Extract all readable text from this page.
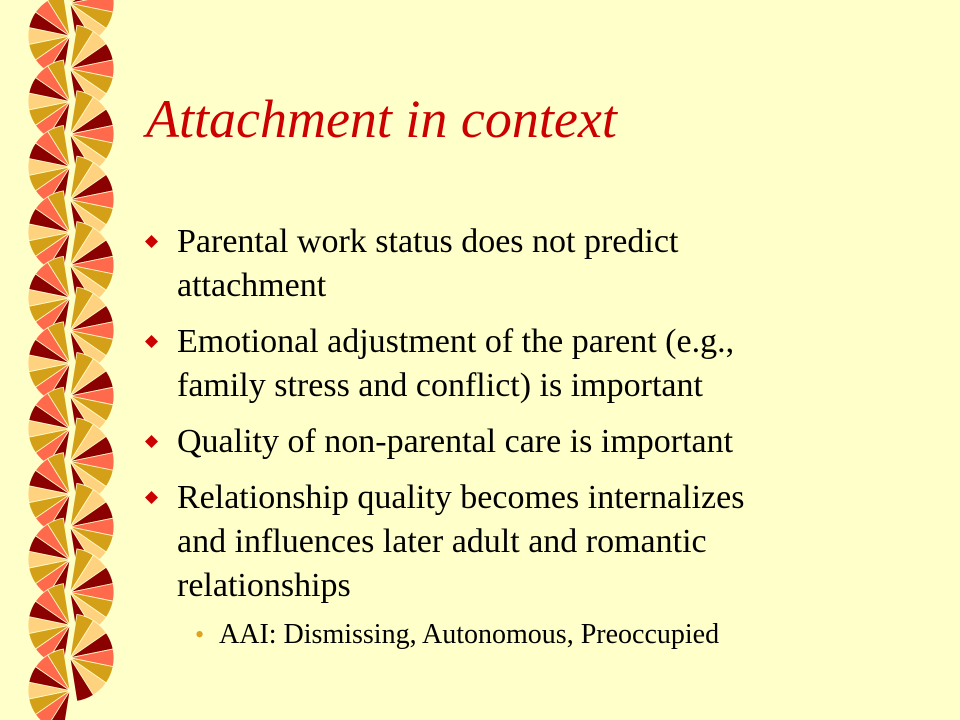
Attachment in context
Parental work status does not predict
attachment
Emotional adjustment of the parent (e.g.,
family stress and conflict) is important
Quality of non-parental care is important
Relationship quality becomes internalizes
and influences later adult and romantic
relationships
• AAI: Dismissing, Autonomous, Preoccupied
